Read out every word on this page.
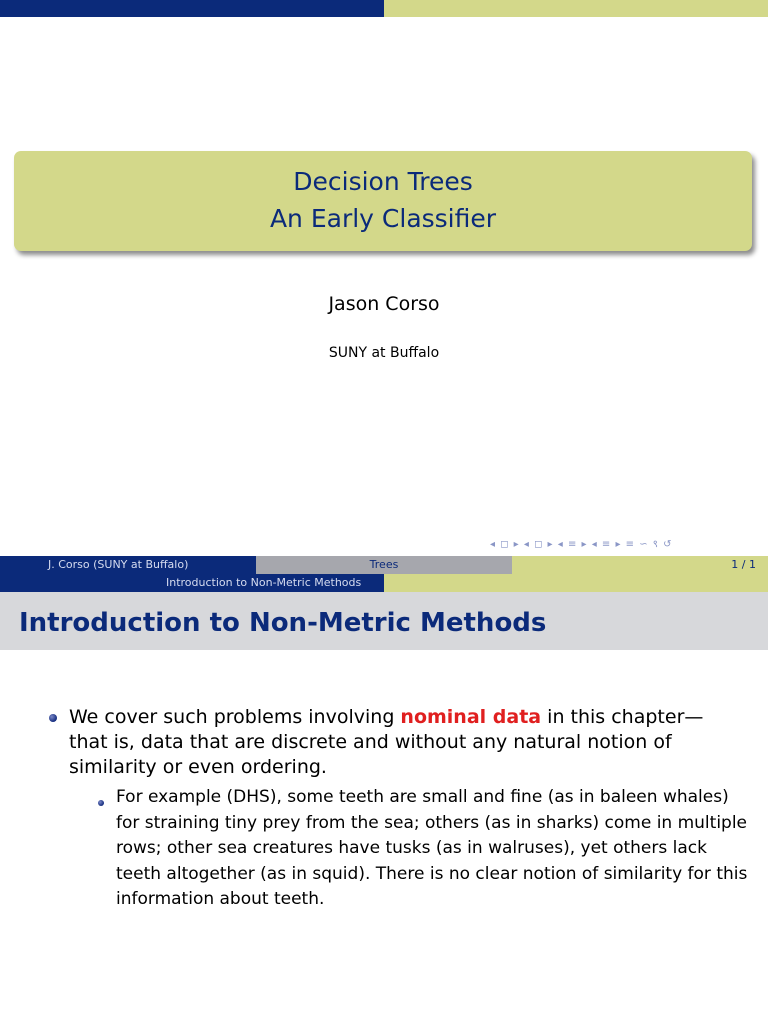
Decision Trees
An Early Classifier
Jason Corso
SUNY at Buffalo
◂ ◻ ▸ ◂ ◻ ▸ ◂ ≡ ▸ ◂ ≡ ▸ ≡ ∽ ९ ↺
J. Corso (SUNY at Buffalo)	Trees	1 / 1
Introduction to Non-Metric Methods
Introduction to Non-Metric Methods
We cover such problems involving nominal data in this chapter—that is, data that are discrete and without any natural notion of similarity or even ordering.
For example (DHS), some teeth are small and fine (as in baleen whales) for straining tiny prey from the sea; others (as in sharks) come in multiple rows; other sea creatures have tusks (as in walruses), yet others lack teeth altogether (as in squid). There is no clear notion of similarity for this information about teeth.
